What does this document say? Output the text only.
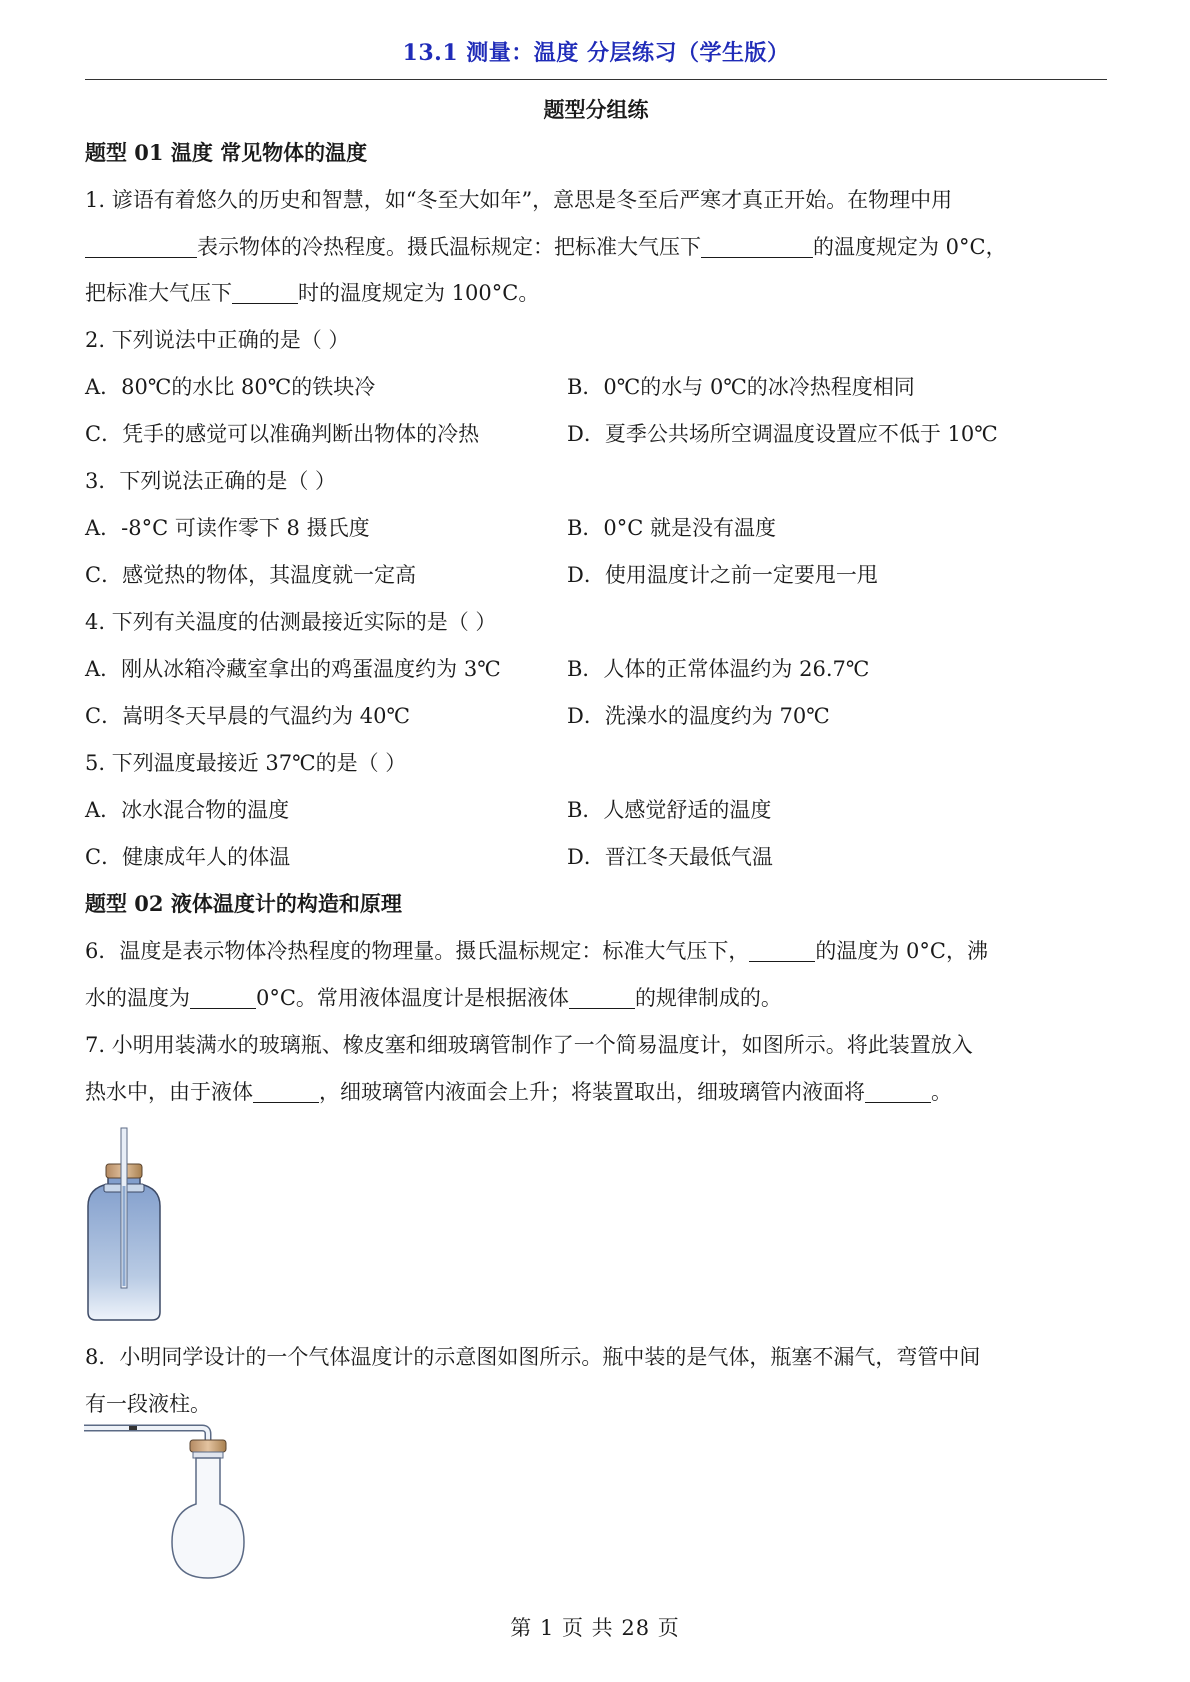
13.1 测量：温度 分层练习（学生版）
题型分组练
题型 01 温度 常见物体的温度
1. 谚语有着悠久的历史和智慧，如“冬至大如年”，意思是冬至后严寒才真正开始。在物理中用
表示物体的冷热程度。摄氏温标规定：把标准大气压下	的温度规定为 0°C，
把标准大气压下	时的温度规定为 100°C。
2. 下列说法中正确的是（ ）
A．80℃的水比 80℃的铁块冷	B．0℃的水与 0℃的冰冷热程度相同
C．凭手的感觉可以准确判断出物体的冷热	D．夏季公共场所空调温度设置应不低于 10℃
3．下列说法正确的是（ ）
A．-8°C 可读作零下 8 摄氏度	B．0°C 就是没有温度
C．感觉热的物体，其温度就一定高	D．使用温度计之前一定要甩一甩
4. 下列有关温度的估测最接近实际的是（ ）
A．刚从冰箱冷藏室拿出的鸡蛋温度约为 3℃	B．人体的正常体温约为 26.7℃
C．嵩明冬天早晨的气温约为 40℃	D．洗澡水的温度约为 70℃
5. 下列温度最接近 37℃的是（ ）
A．冰水混合物的温度	B．人感觉舒适的温度
C．健康成年人的体温	D．晋江冬天最低气温
题型 02 液体温度计的构造和原理
6．温度是表示物体冷热程度的物理量。摄氏温标规定：标准大气压下，	的温度为 0°C，沸
水的温度为	0°C。常用液体温度计是根据液体	的规律制成的。
7. 小明用装满水的玻璃瓶、橡皮塞和细玻璃管制作了一个简易温度计，如图所示。将此装置放入
热水中，由于液体	，细玻璃管内液面会上升；将装置取出，细玻璃管内液面将	。
8．小明同学设计的一个气体温度计的示意图如图所示。瓶中装的是气体，瓶塞不漏气，弯管中间
有一段液柱。
第 1 页 共 28 页
